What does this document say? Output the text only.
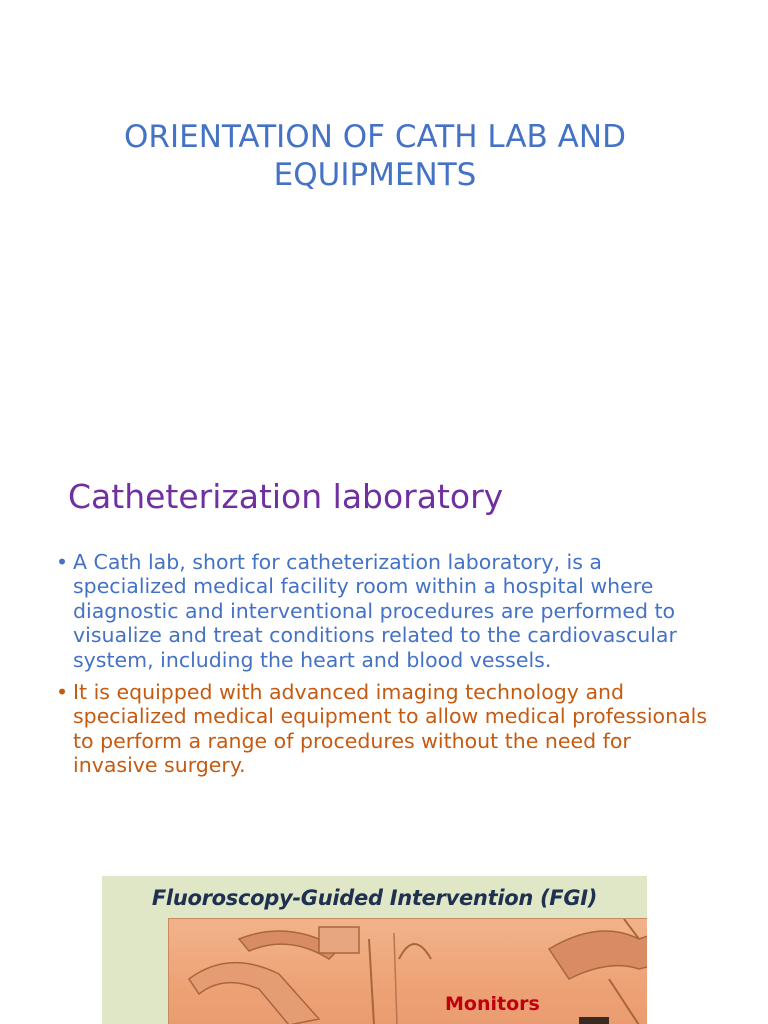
ORIENTATION OF CATH LAB AND EQUIPMENTS
Catheterization laboratory
• A Cath lab, short for catheterization laboratory, is a specialized medical facility room within a hospital where diagnostic and interventional procedures are performed to visualize and treat conditions related to the cardiovascular system, including the heart and blood vessels.
• It is equipped with advanced imaging technology and specialized medical equipment to allow medical professionals to perform a range of procedures without the need for invasive surgery.
Fluoroscopy-Guided Intervention (FGI)
Monitors
